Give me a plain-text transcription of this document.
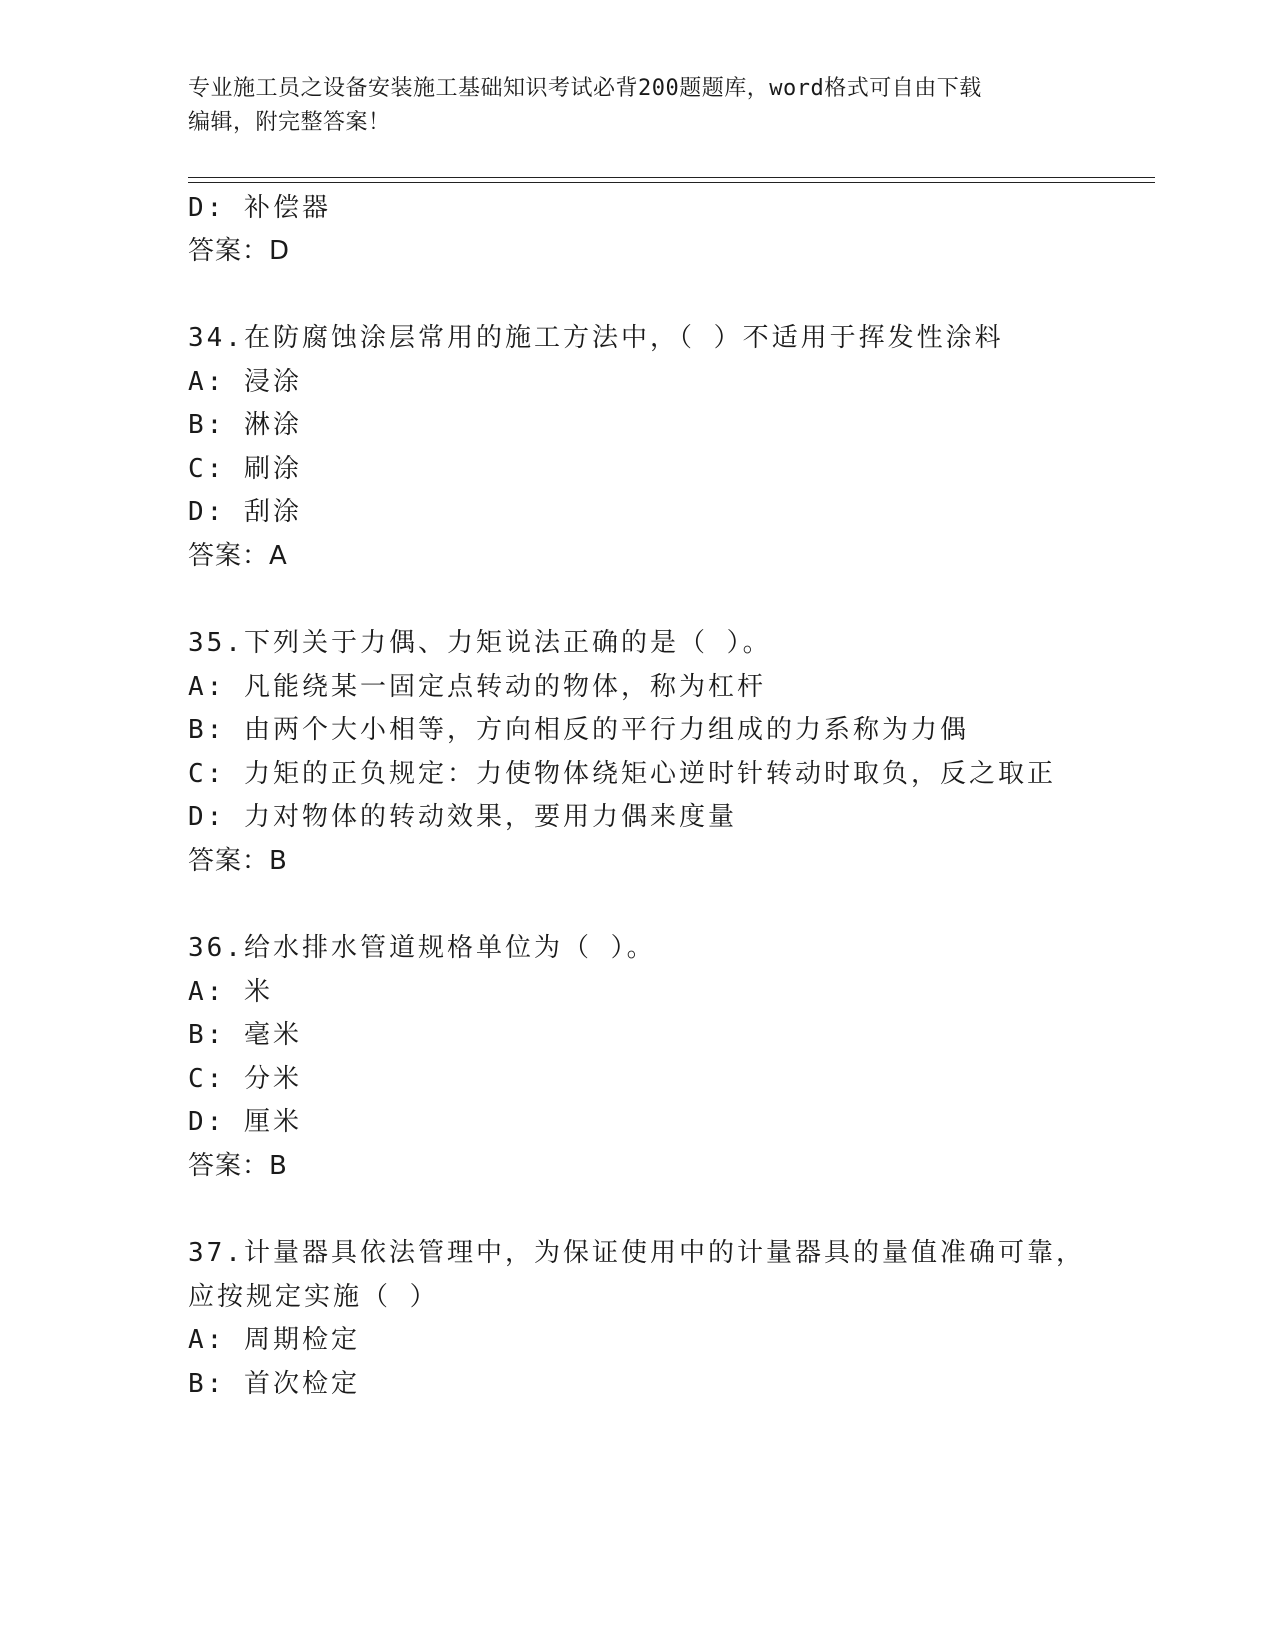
专业施工员之设备安装施工基础知识考试必背200题题库，word格式可自由下载
编辑，附完整答案！
D: 补偿器
答案：D
34.在防腐蚀涂层常用的施工方法中，（ ）不适用于挥发性涂料
A: 浸涂
B: 淋涂
C: 刷涂
D: 刮涂
答案：A
35.下列关于力偶、力矩说法正确的是（ ）。
A: 凡能绕某一固定点转动的物体，称为杠杆
B: 由两个大小相等，方向相反的平行力组成的力系称为力偶
C: 力矩的正负规定：力使物体绕矩心逆时针转动时取负，反之取正
D: 力对物体的转动效果，要用力偶来度量
答案：B
36.给水排水管道规格单位为（ ）。
A: 米
B: 毫米
C: 分米
D: 厘米
答案：B
37.计量器具依法管理中，为保证使用中的计量器具的量值准确可靠，
应按规定实施（ ）
A: 周期检定
B: 首次检定
